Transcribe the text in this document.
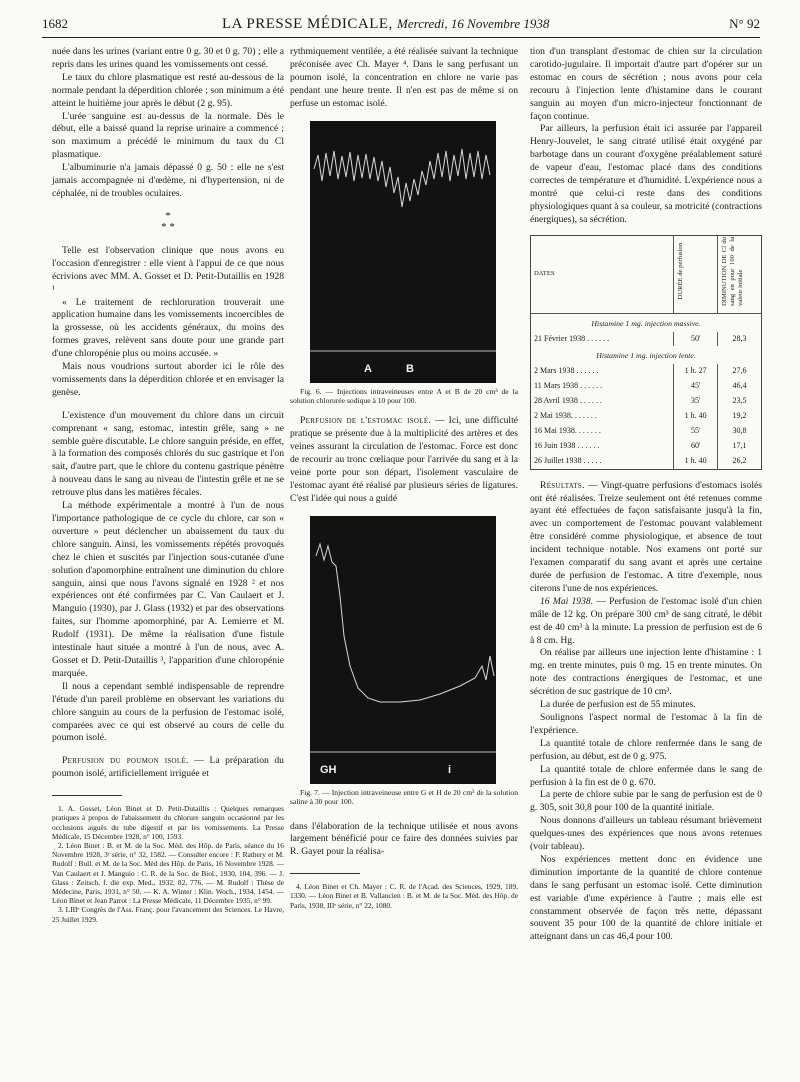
1682	LA PRESSE MÉDICALE, Mercredi, 16 Novembre 1938	N° 92

nuée dans les urines (variant entre 0 g. 30 et 0 g. 70) ; elle a repris dans les urines quand les vomissements ont cessé.

Le taux du chlore plasmatique est resté au-dessous de la normale pendant la déperdition chlorée ; son minimum a été atteint le huitième jour après le début (2 g. 95).

L'urée sanguine est au-dessus de la normale. Dès le début, elle a baissé quand la reprise urinaire a commencé ; son maximum a précédé le minimum du taux du Cl plasmatique.

L'albuminurie n'a jamais dépassé 0 g. 50 : elle ne s'est jamais accompagnée ni d'œdème, ni d'hypertension, ni de céphalée, ni de troubles oculaires.

*
* *

Telle est l'observation clinique que nous avons eu l'occasion d'enregistrer : elle vient à l'appui de ce que nous écrivions avec MM. A. Gosset et D. Petit-Dutaillis en 1928 ¹

« Le traitement de rechloruration trouverait une application humaine dans les vomissements incoercibles de la grossesse, où les accidents généraux, du moins des formes graves, relèvent sans doute pour une grande part d'une chloropénie plus ou moins accusée. »

Mais nous voudrions surtout aborder ici le rôle des vomissements dans la déperdition chlorée et en envisager la genèse.

L'existence d'un mouvement du chlore dans un circuit comprenant « sang, estomac, intestin grêle, sang » ne semble guère discutable. Le chlore sanguin préside, en effet, à la formation des composés chlorés du suc gastrique et l'on sait, d'autre part, que le chlore du contenu gastrique pénètre à nouveau dans le sang au niveau de l'intestin grêle et ne se retrouve plus dans les matières fécales.

La méthode expérimentale a montré à l'un de nous l'importance pathologique de ce cycle du chlore, car son « ouverture » peut déclencher un abaissement du taux du chlore sanguin. Ainsi, les vomissements répétés provoqués chez le chien et suscités par l'injection sous-cutanée d'une solution d'apomorphine entraînent une diminution du chlore sanguin, ainsi que nous l'avons signalé en 1928 ² et nos expériences ont été confirmées par C. Van Caulaert et J. Manguio (1930), par J. Glass (1932) et par des observations faites, sur l'homme apomorphiné, par A. Lemierre et M. Rudolf (1931). De même la réalisation d'une fistule intestinale haut située a montré à l'un de nous, avec A. Gosset et D. Petit-Dutaillis ³, l'apparition d'une chloropénie marquée.

Il nous a cependant semblé indispensable de reprendre l'étude d'un pareil problème en observant les variations du chlore sanguin au cours de la perfusion de l'estomac isolé, comparées avec ce qui est observé au cours de celle du poumon isolé.

Perfusion du poumon isolé. — La préparation du poumon isolé, artificiellement irriguée et

1. A. Gosset, Léon Binet et D. Petit-Dutaillis : Quelques remarques pratiques à propos de l'abaissement du chlorure sanguin occasionné par les occlusions aiguës du tube digestif et par les vomissements. La Presse Médicale, 15 Décembre 1928, n° 100, 1593.

2. Léon Binet : B. et M. de la Soc. Méd. des Hôp. de Paris, séance du 16 Novembre 1928, 3ᵉ série, n° 32, 1582. — Consulter encore : F. Rathery et M. Rudolf : Bull. et M. de la Soc. Méd des Hôp. de Paris, 16 Novembre 1928. — Van Caulaert et J. Manguio : C. R. de la Soc. de Biol., 1930, 104, 396. — J. Glass : Zeitsch. f. die exp. Med., 1932, 82, 776. — M. Rudolf : Thèse de Médecine, Paris, 1931, n° 50. — K. A. Winter : Klin. Woch., 1934, 1454. — Léon Binet et Jean Parrot : La Presse Médicale, 11 Décembre 1935, n° 99.

3. LIIIᵉ Congrès de l'Ass. Franç. pour l'avancement des Sciences. Le Havre, 25 Juillet 1929.

rythmiquement ventilée, a été réalisée suivant la technique préconisée avec Ch. Mayer ⁴. Dans le sang perfusant un poumon isolé, la concentration en chlore ne varie pas pendant une heure trente. Il n'en est pas de même si on perfuse un estomac isolé.

A	B

Fig. 6. — Injections intraveineuses entre A et B de 20 cm³ de la solution chlorurée sodique à 10 pour 100.

Perfusion de l'estomac isolé. — Ici, une difficulté pratique se présente due à la multiplicité des artères et des veines assurant la circulation de l'estomac. Force est donc de recourir au tronc cœliaque pour l'arrivée du sang et à la veine porte pour son départ, l'isolement vasculaire de l'estomac ayant été réalisé par plusieurs séries de ligatures. C'est l'idée qui nous a guidé

GH	i

Fig. 7. — Injection intraveineuse entre G et H de 20 cm³ de la solution saline à 30 pour 100.

dans l'élaboration de la technique utilisée et nous avons largement bénéficié pour ce faire des données suivies par R. Gayet pour la réalisa-

4. Léon Binet et Ch. Mayer : C. R. de l'Acad. des Sciences, 1929, 189, 1330. — Léon Binet et B. Vallancien : B. et M. de la Soc. Méd. des Hôp. de Paris, 1938, IIIᵉ série, n° 22, 1080.

tion d'un transplant d'estomac de chien sur la circulation carotido-jugulaire. Il importait d'autre part d'opérer sur un estomac en cours de sécrétion ; nous avons pour cela recouru à l'injection lente d'histamine dans le courant sanguin au moyen d'un micro-injecteur fonctionnant de façon continue.

Par ailleurs, la perfusion était ici assurée par l'appareil Henry-Jouvelet, le sang citraté utilisé était oxygéné par barbotage dans un courant d'oxygène préalablement saturé de vapeur d'eau, l'estomac placé dans des conditions correctes de température et d'humidité. L'expérience nous a montré que celui-ci reste dans des conditions physiologiques quant à sa couleur, sa motricité (contractions énergiques), sa sécrétion.

DATES	DURÉE de perfusion	DIMINUTION DE Cl du sang en pour 100 de la valeur initiale
Histamine 1 mg. injection massive.		
21 Février 1938 . . . . . .	50'	28,3
Histamine 1 mg. injection lente.		
2 Mars 1938 . . . . . .	1 h. 27	27,6
11 Mars 1938 . . . . . .	45'	46,4
28 Avril 1938 . . . . . .	35'	23,5
2 Mai 1938. . . . . . .	1 h. 40	19,2
16 Mai 1938. . . . . . .	55'	30,8
16 Juin 1938 . . . . . .	60'	17,1
26 Juillet 1938 . . . . .	1 h. 40	26,2

Résultats. — Vingt-quatre perfusions d'estomacs isolés ont été réalisées. Treize seulement ont été retenues comme ayant été effectuées de façon satisfaisante jusqu'à la fin, avec un comportement de l'estomac pouvant valablement être considéré comme physiologique, et absence de tout incident technique notable. Nos examens ont porté sur l'examen comparatif du sang avant et après une certaine durée de perfusion de l'estomac. A titre d'exemple, nous citerons l'une de nos expériences.

16 Mai 1938. — Perfusion de l'estomac isolé d'un chien mâle de 12 kg. On prépare 300 cm³ de sang citraté, le débit est de 40 cm³ à la minute. La pression de perfusion est de 6 à 8 cm. Hg.

On réalise par ailleurs une injection lente d'histamine : 1 mg. en trente minutes, puis 0 mg. 15 en trente minutes. On note des contractions énergiques de l'estomac, et une sécrétion de suc gastrique de 10 cm³.

La durée de perfusion est de 55 minutes.

Soulignons l'aspect normal de l'estomac à la fin de l'expérience.

La quantité totale de chlore renfermée dans le sang de perfusion, au début, est de 0 g. 975.

La quantité totale de chlore enfermée dans le sang de perfusion à la fin est de 0 g. 670.

La perte de chlore subie par le sang de perfusion est de 0 g. 305, soit 30,8 pour 100 de la quantité initiale.

Nous donnons d'ailleurs un tableau résumant brièvement quelques-unes des expériences que nous avons retenues (voir tableau).

Nos expériences mettent donc en évidence une diminution importante de la quantité de chlore contenue dans le sang perfusant un estomac isolé. Cette diminution est variable d'une expérience à l'autre ; mais elle est constamment observée de façon très nette, dépassant souvent 35 pour 100 de la quantité de chlore initiale et atteignant dans un cas 46,4 pour 100.
